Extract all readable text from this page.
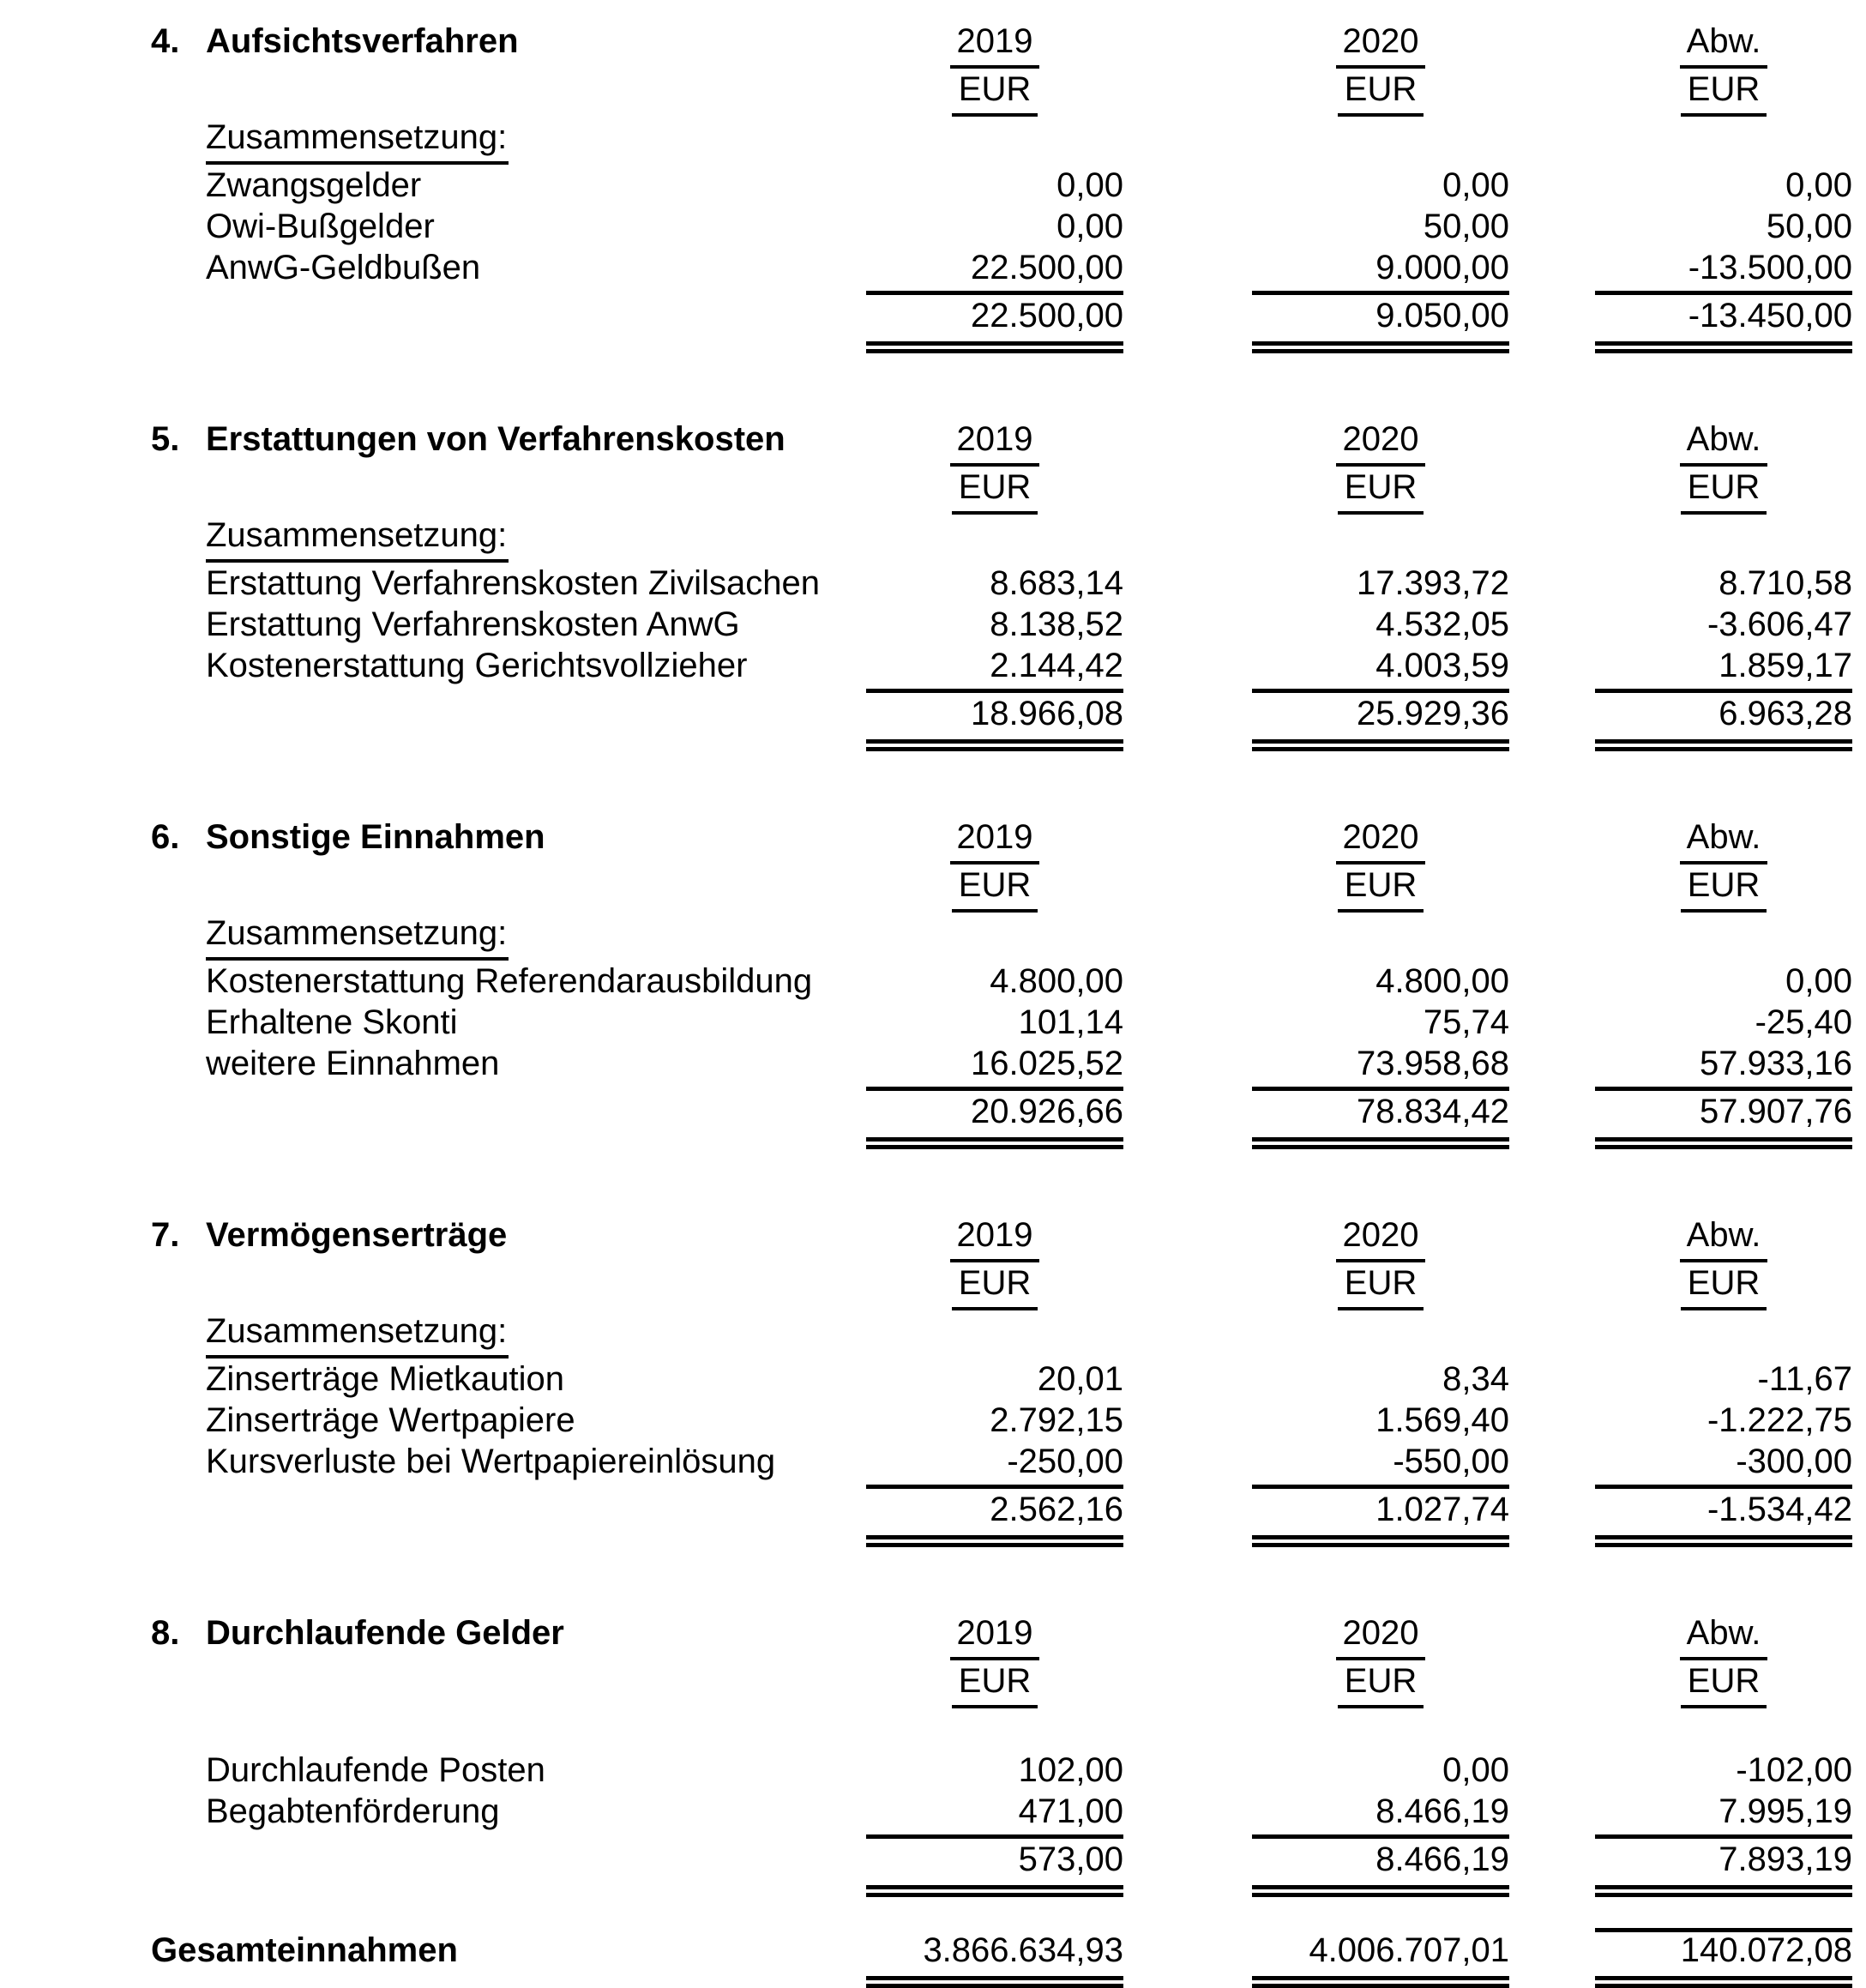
4. Aufsichtsverfahren	2019	2020	Abw.
EUR	EUR	EUR
Zusammensetzung:
Zwangsgelder	0,00	0,00	0,00
Owi-Bußgelder	0,00	50,00	50,00
AnwG-Geldbußen	22.500,00	9.000,00	-13.500,00
22.500,00	9.050,00	-13.450,00
5. Erstattungen von Verfahrenskosten	2019	2020	Abw.
EUR	EUR	EUR
Zusammensetzung:
Erstattung Verfahrenskosten Zivilsachen	8.683,14	17.393,72	8.710,58
Erstattung Verfahrenskosten AnwG	8.138,52	4.532,05	-3.606,47
Kostenerstattung Gerichtsvollzieher	2.144,42	4.003,59	1.859,17
18.966,08	25.929,36	6.963,28
6. Sonstige Einnahmen	2019	2020	Abw.
EUR	EUR	EUR
Zusammensetzung:
Kostenerstattung Referendarausbildung	4.800,00	4.800,00	0,00
Erhaltene Skonti	101,14	75,74	-25,40
weitere Einnahmen	16.025,52	73.958,68	57.933,16
20.926,66	78.834,42	57.907,76
7. Vermögenserträge	2019	2020	Abw.
EUR	EUR	EUR
Zusammensetzung:
Zinserträge Mietkaution	20,01	8,34	-11,67
Zinserträge Wertpapiere	2.792,15	1.569,40	-1.222,75
Kursverluste bei Wertpapiereinlösung	-250,00	-550,00	-300,00
2.562,16	1.027,74	-1.534,42
8. Durchlaufende Gelder	2019	2020	Abw.
EUR	EUR	EUR
Durchlaufende Posten	102,00	0,00	-102,00
Begabtenförderung	471,00	8.466,19	7.995,19
573,00	8.466,19	7.893,19
Gesamteinnahmen	3.866.634,93	4.006.707,01	140.072,08
